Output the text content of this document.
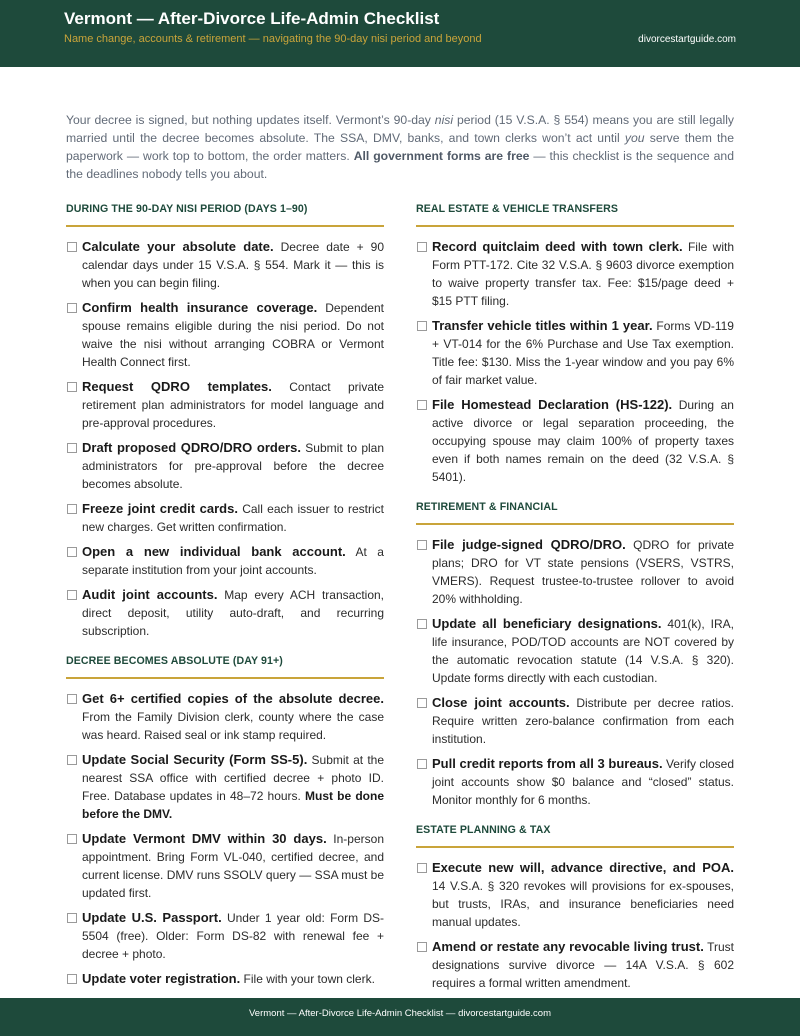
Vermont — After-Divorce Life-Admin Checklist
Name change, accounts & retirement — navigating the 90-day nisi period and beyond	divorcestartguide.com

Your decree is signed, but nothing updates itself. Vermont’s 90-day nisi period (15 V.S.A. § 554) means you are still legally married until the decree becomes absolute. The SSA, DMV, banks, and town clerks won’t act until you serve them the paperwork — work top to bottom, the order matters. All government forms are free — this checklist is the sequence and the deadlines nobody tells you about.

DURING THE 90-DAY NISI PERIOD (DAYS 1–90)
Calculate your absolute date. Decree date + 90 calendar days under 15 V.S.A. § 554. Mark it — this is when you can begin filing.
Confirm health insurance coverage. Dependent spouse remains eligible during the nisi period. Do not waive the nisi without arranging COBRA or Vermont Health Connect first.
Request QDRO templates. Contact private retirement plan administrators for model language and pre-approval procedures.
Draft proposed QDRO/DRO orders. Submit to plan administrators for pre-approval before the decree becomes absolute.
Freeze joint credit cards. Call each issuer to restrict new charges. Get written confirmation.
Open a new individual bank account. At a separate institution from your joint accounts.
Audit joint accounts. Map every ACH transaction, direct deposit, utility auto-draft, and recurring subscription.
DECREE BECOMES ABSOLUTE (DAY 91+)
Get 6+ certified copies of the absolute decree. From the Family Division clerk, county where the case was heard. Raised seal or ink stamp required.
Update Social Security (Form SS-5). Submit at the nearest SSA office with certified decree + photo ID. Free. Database updates in 48–72 hours. Must be done before the DMV.
Update Vermont DMV within 30 days. In-person appointment. Bring Form VL-040, certified decree, and current license. DMV runs SSOLV query — SSA must be updated first.
Update U.S. Passport. Under 1 year old: Form DS-5504 (free). Older: Form DS-82 with renewal fee + decree + photo.
Update voter registration. File with your town clerk.
REAL ESTATE & VEHICLE TRANSFERS
Record quitclaim deed with town clerk. File with Form PTT-172. Cite 32 V.S.A. § 9603 divorce exemption to waive property transfer tax. Fee: $15/page deed + $15 PTT filing.
Transfer vehicle titles within 1 year. Forms VD-119 + VT-014 for the 6% Purchase and Use Tax exemption. Title fee: $130. Miss the 1-year window and you pay 6% of fair market value.
File Homestead Declaration (HS-122). During an active divorce or legal separation proceeding, the occupying spouse may claim 100% of property taxes even if both names remain on the deed (32 V.S.A. § 5401).
RETIREMENT & FINANCIAL
File judge-signed QDRO/DRO. QDRO for private plans; DRO for VT state pensions (VSERS, VSTRS, VMERS). Request trustee-to-trustee rollover to avoid 20% withholding.
Update all beneficiary designations. 401(k), IRA, life insurance, POD/TOD accounts are NOT covered by the automatic revocation statute (14 V.S.A. § 320). Update forms directly with each custodian.
Close joint accounts. Distribute per decree ratios. Require written zero-balance confirmation from each institution.
Pull credit reports from all 3 bureaus. Verify closed joint accounts show $0 balance and “closed” status. Monitor monthly for 6 months.
ESTATE PLANNING & TAX
Execute new will, advance directive, and POA. 14 V.S.A. § 320 revokes will provisions for ex-spouses, but trusts, IRAs, and insurance beneficiaries need manual updates.
Amend or restate any revocable living trust. Trust designations survive divorce — 14A V.S.A. § 602 requires a formal written amendment.
Vermont — After-Divorce Life-Admin Checklist — divorcestartguide.com
